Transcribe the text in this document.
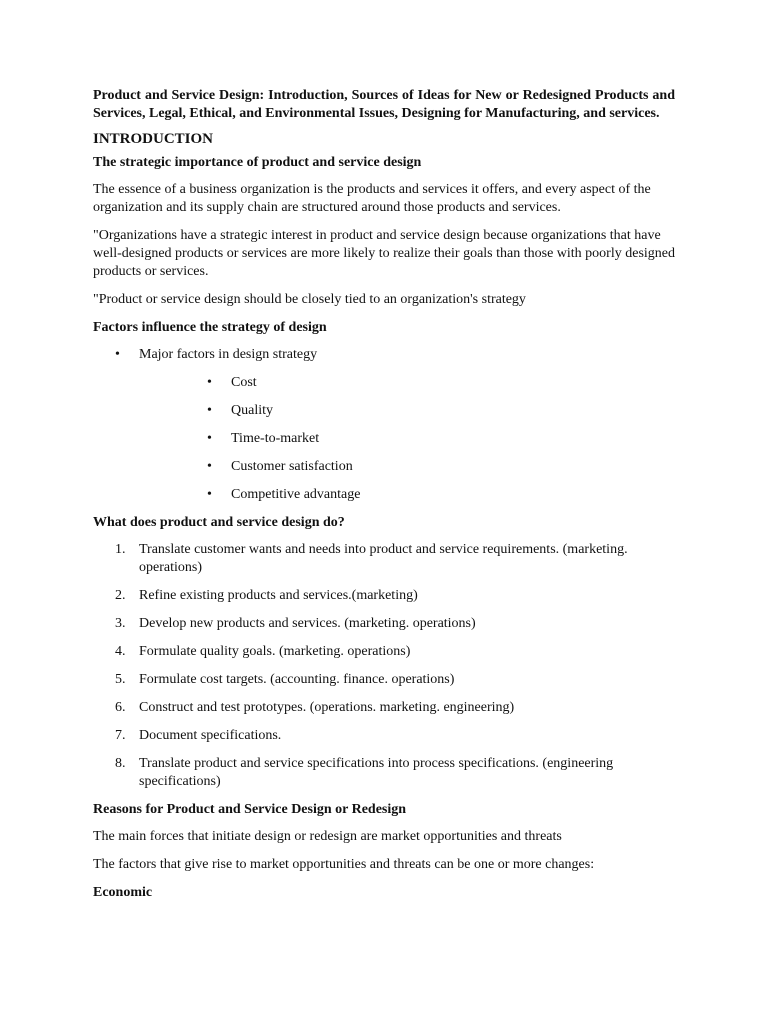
Product and Service Design: Introduction, Sources of Ideas for New or Redesigned Products and Services, Legal, Ethical, and Environmental Issues, Designing for Manufacturing, and services.

INTRODUCTION

The strategic importance of product and service design

The essence of a business organization is the products and services it offers, and every aspect of the organization and its supply chain are structured around those products and services.

"Organizations have a strategic interest in product and service design because organizations that have well-designed products or services are more likely to realize their goals than those with poorly designed products or services.

"Product or service design should be closely tied to an organization's strategy

Factors influence the strategy of design

• Major factors in design strategy
• Cost
• Quality
• Time-to-market
• Customer satisfaction
• Competitive advantage

What does product and service design do?

1. Translate customer wants and needs into product and service requirements. (marketing. operations)
2. Refine existing products and services.(marketing)
3. Develop new products and services. (marketing. operations)
4. Formulate quality goals. (marketing. operations)
5. Formulate cost targets. (accounting. finance. operations)
6. Construct and test prototypes. (operations. marketing. engineering)
7. Document specifications.
8. Translate product and service specifications into process specifications. (engineering specifications)

Reasons for Product and Service Design or Redesign

The main forces that initiate design or redesign are market opportunities and threats

The factors that give rise to market opportunities and threats can be one or more changes:

Economic
